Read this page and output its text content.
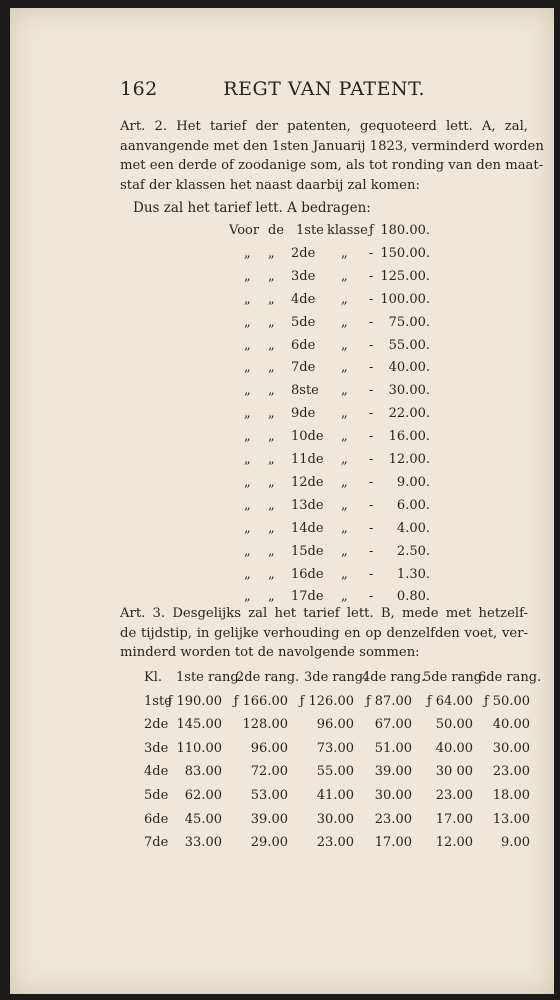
162	REGT VAN PATENT.
Art. 2. Het tarief der patenten, gequoteerd lett. A, zal,
aanvangende met den 1sten Januarij 1823, verminderd worden
met een derde of zoodanige som, als tot ronding van den maat-
staf der klassen het naast daarbij zal komen:
Dus zal het tarief lett. A bedragen:
Voor de 1ste klasse ƒ 180.00.
„ „ 2de „ - 150.00.
„ „ 3de „ - 125.00.
„ „ 4de „ - 100.00.
„ „ 5de „ - 75.00.
„ „ 6de „ - 55.00.
„ „ 7de „ - 40.00.
„ „ 8ste „ - 30.00.
„ „ 9de „ - 22.00.
„ „ 10de „ - 16.00.
„ „ 11de „ - 12.00.
„ „ 12de „ - 9.00.
„ „ 13de „ - 6.00.
„ „ 14de „ - 4.00.
„ „ 15de „ - 2.50.
„ „ 16de „ - 1.30.
„ „ 17de „ - 0.80.
Art. 3. Desgelijks zal het tarief lett. B, mede met hetzelf-
de tijdstip, in gelijke verhouding en op denzelfden voet, ver-
minderd worden tot de navolgende sommen:
Kl. 1ste rang.
2de rang. 3de rang.
4de rang.
5de rang.
6de rang.
1ste
ƒ 190.00 ƒ 166.00 ƒ 126.00 ƒ 87.00 ƒ 64.00 ƒ 50.00
2de 145.00 128.00 96.00 67.00 50.00 40.00
3de 110.00 96.00 73.00 51.00 40.00 30.00
4de 83.00 72.00 55.00 39.00 30 00 23.00
5de 62.00 53.00 41.00 30.00 23.00 18.00
6de 45.00 39.00 30.00 23.00 17.00 13.00
7de 33.00 29.00 23.00 17.00 12.00 9.00
